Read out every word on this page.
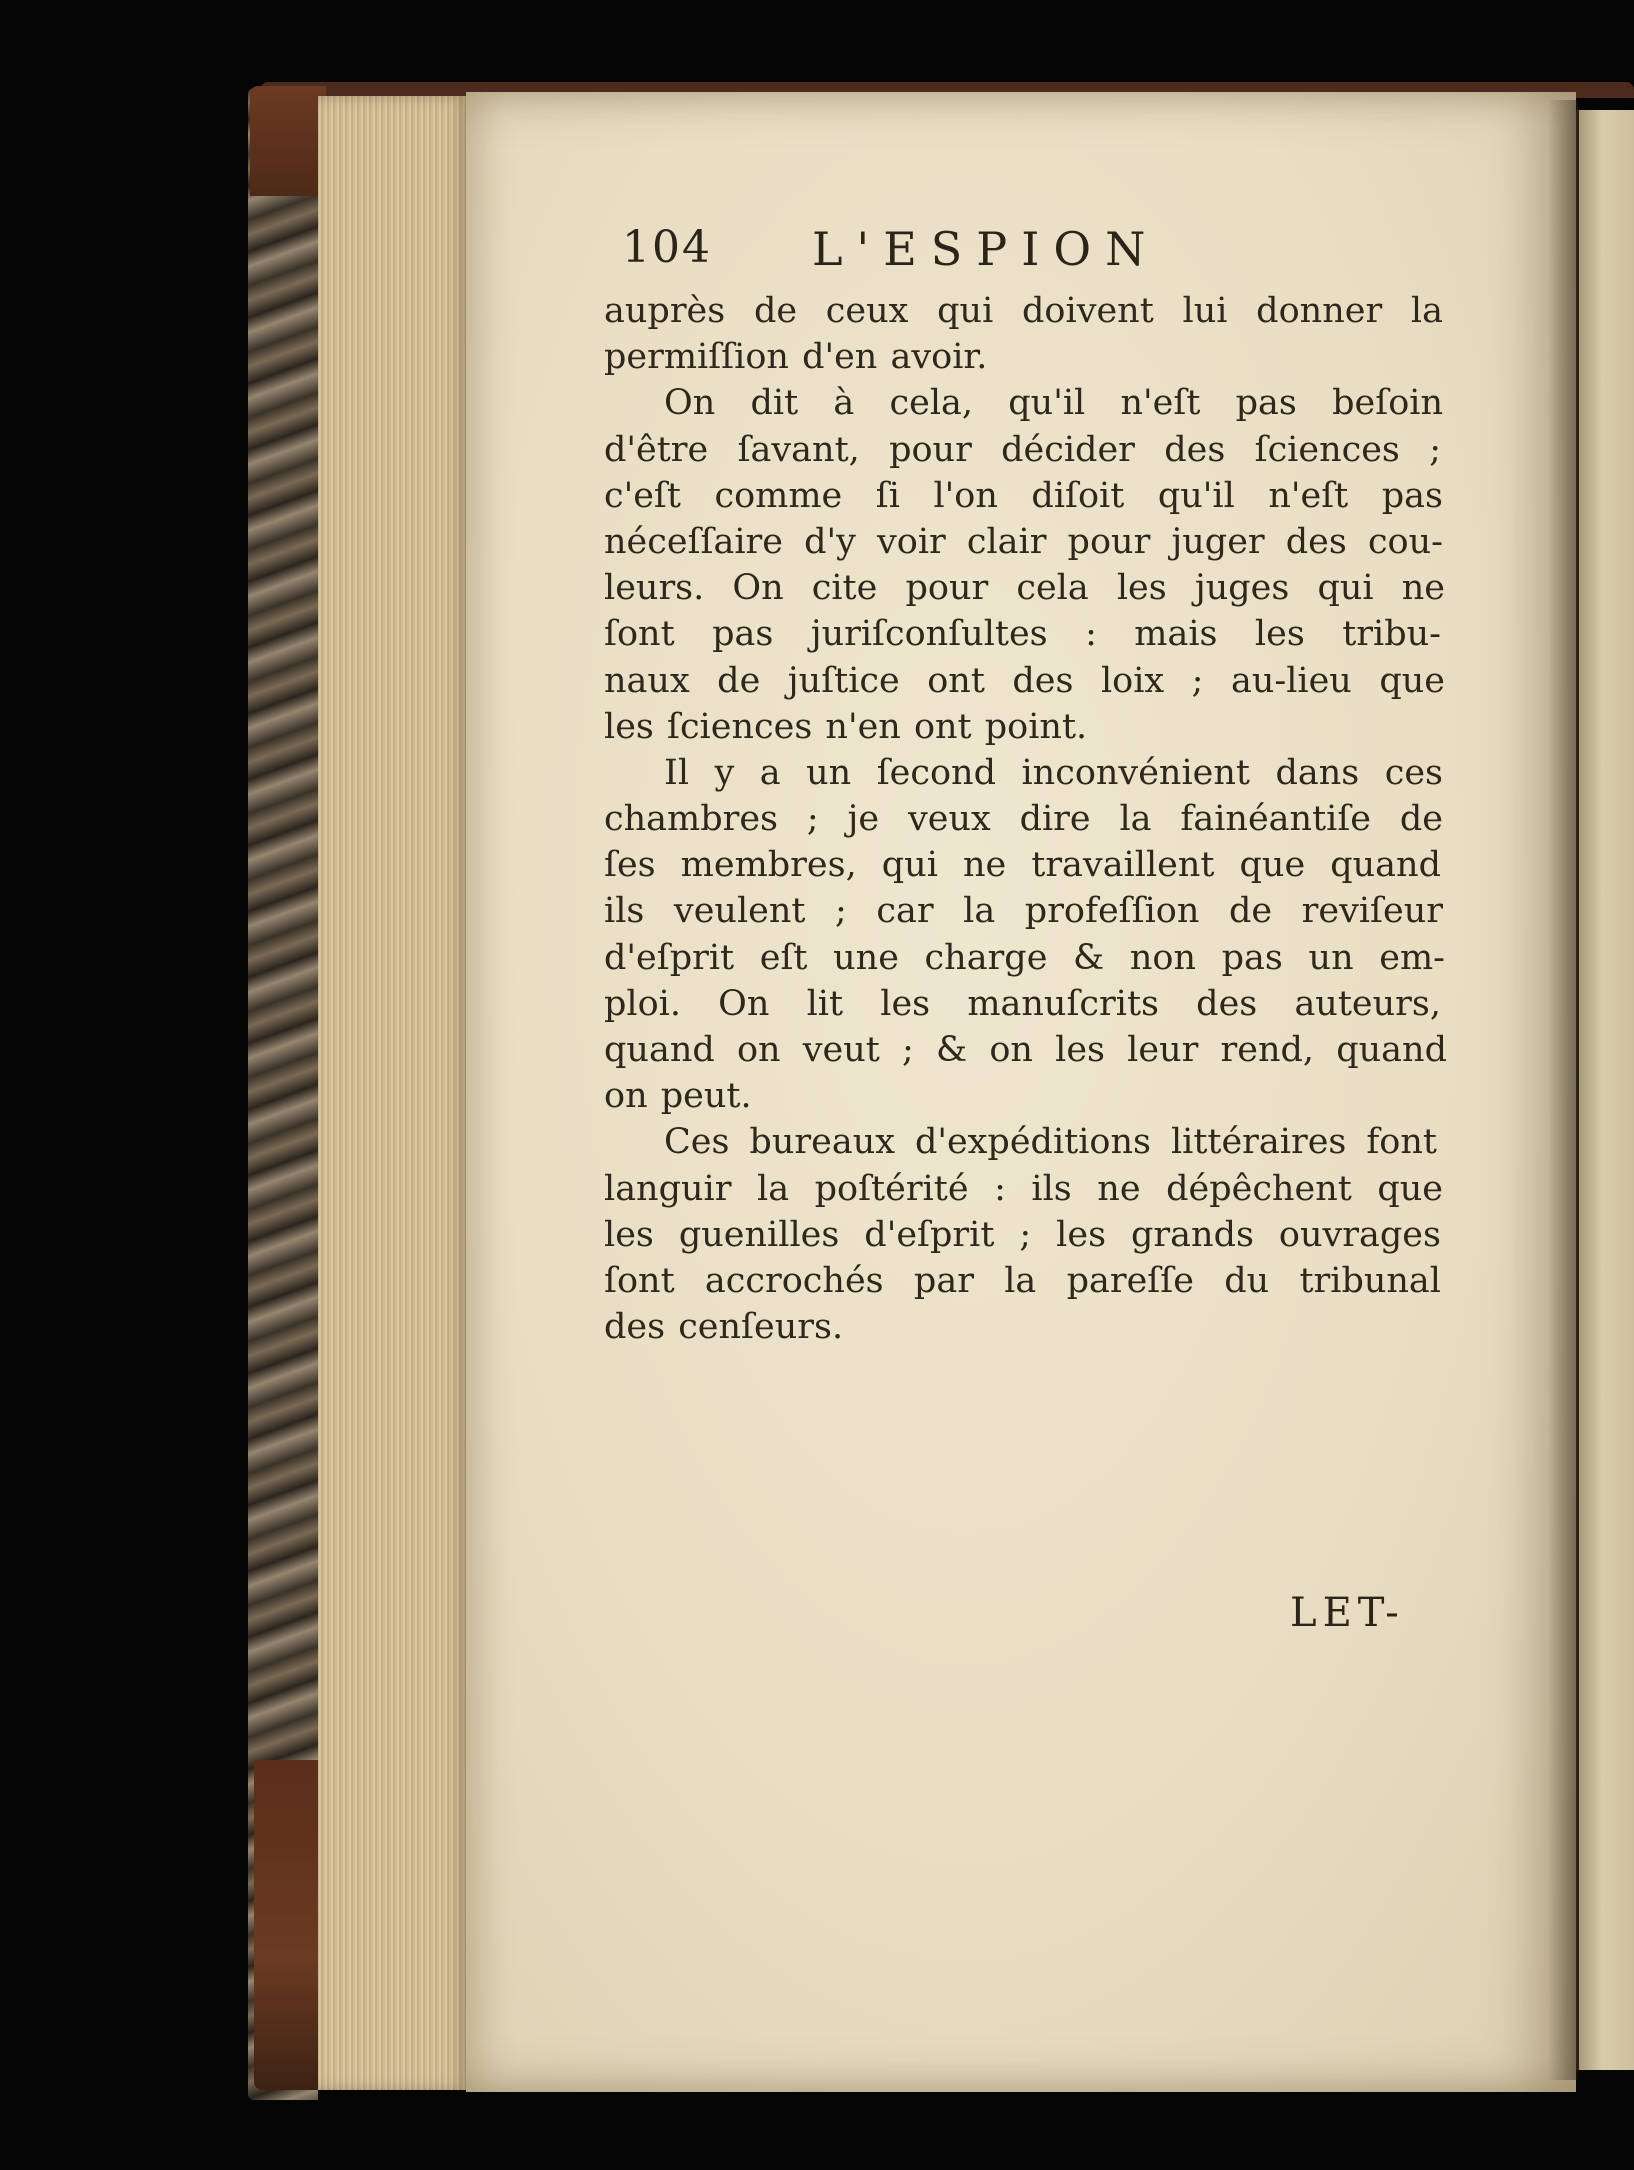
104 L'ESPION
auprès de ceux qui doivent lui donner la
permiſſion d'en avoir.
On dit à cela, qu'il n'eſt pas beſoin
d'être ſavant, pour décider des ſciences ;
c'eſt comme ſi l'on diſoit qu'il n'eſt pas
néceſſaire d'y voir clair pour juger des cou-
leurs. On cite pour cela les juges qui ne
ſont pas juriſconſultes : mais les tribu-
naux de juſtice ont des loix ; au-lieu que
les ſciences n'en ont point.
Il y a un ſecond inconvénient dans ces
chambres ; je veux dire la fainéantiſe de
ſes membres, qui ne travaillent que quand
ils veulent ; car la profeſſion de reviſeur
d'eſprit eſt une charge & non pas un em-
ploi. On lit les manuſcrits des auteurs,
quand on veut ; & on les leur rend, quand
on peut.
Ces bureaux d'expéditions littéraires font
languir la poſtérité : ils ne dépêchent que
les guenilles d'eſprit ; les grands ouvrages
ſont accrochés par la pareſſe du tribunal
des cenſeurs.
LET-
